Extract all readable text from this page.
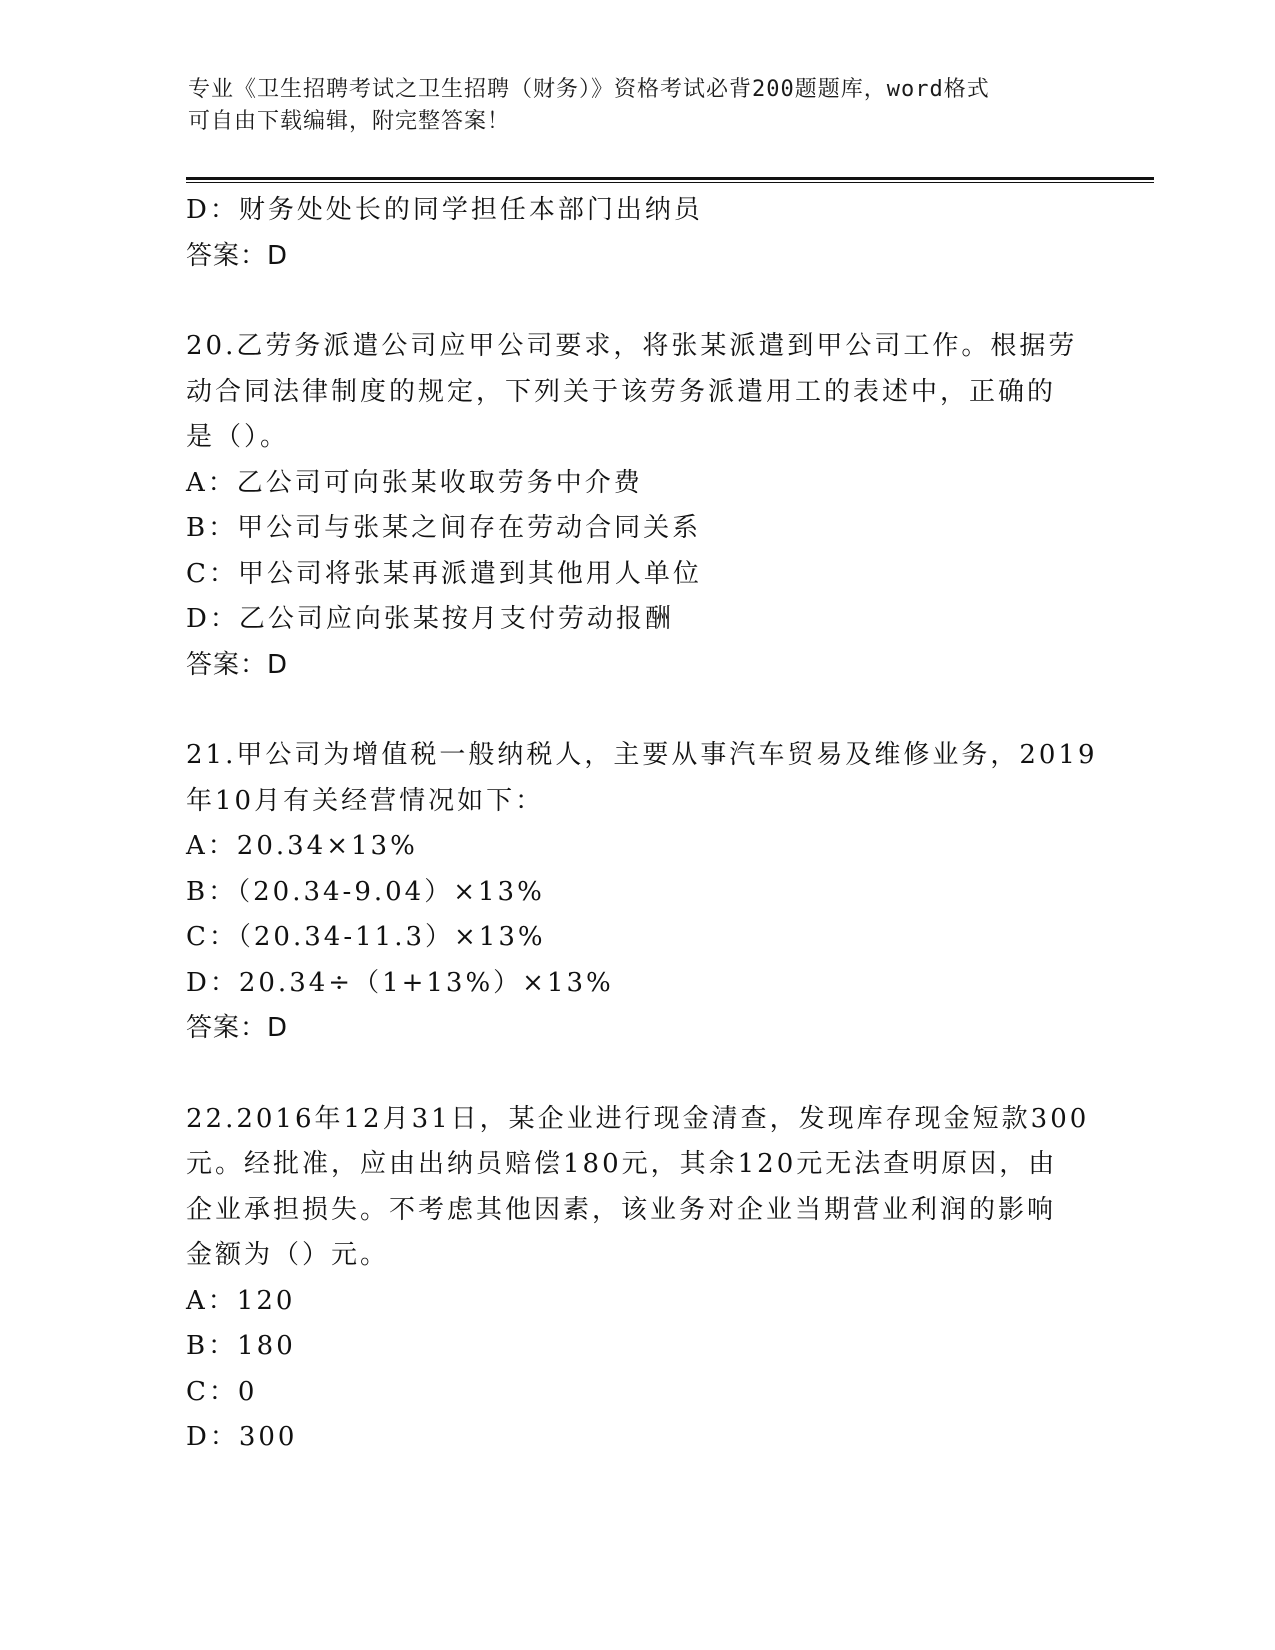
专业《卫生招聘考试之卫生招聘（财务）》资格考试必背200题题库，word格式
可自由下载编辑，附完整答案！
D：财务处处长的同学担任本部门出纳员
答案：D
20.乙劳务派遣公司应甲公司要求，将张某派遣到甲公司工作。根据劳
动合同法律制度的规定，下列关于该劳务派遣用工的表述中，正确的
是（）。
A：乙公司可向张某收取劳务中介费
B：甲公司与张某之间存在劳动合同关系
C：甲公司将张某再派遣到其他用人单位
D：乙公司应向张某按月支付劳动报酬
答案：D
21.甲公司为增值税一般纳税人，主要从事汽车贸易及维修业务，2019
年10月有关经营情况如下：
A：20.34×13%
B：（20.34-9.04）×13%
C：（20.34-11.3）×13%
D：20.34÷（1+13%）×13%
答案：D
22.2016年12月31日，某企业进行现金清查，发现库存现金短款300
元。经批准，应由出纳员赔偿180元，其余120元无法查明原因，由
企业承担损失。不考虑其他因素，该业务对企业当期营业利润的影响
金额为（）元。
A：120
B：180
C：0
D：300
